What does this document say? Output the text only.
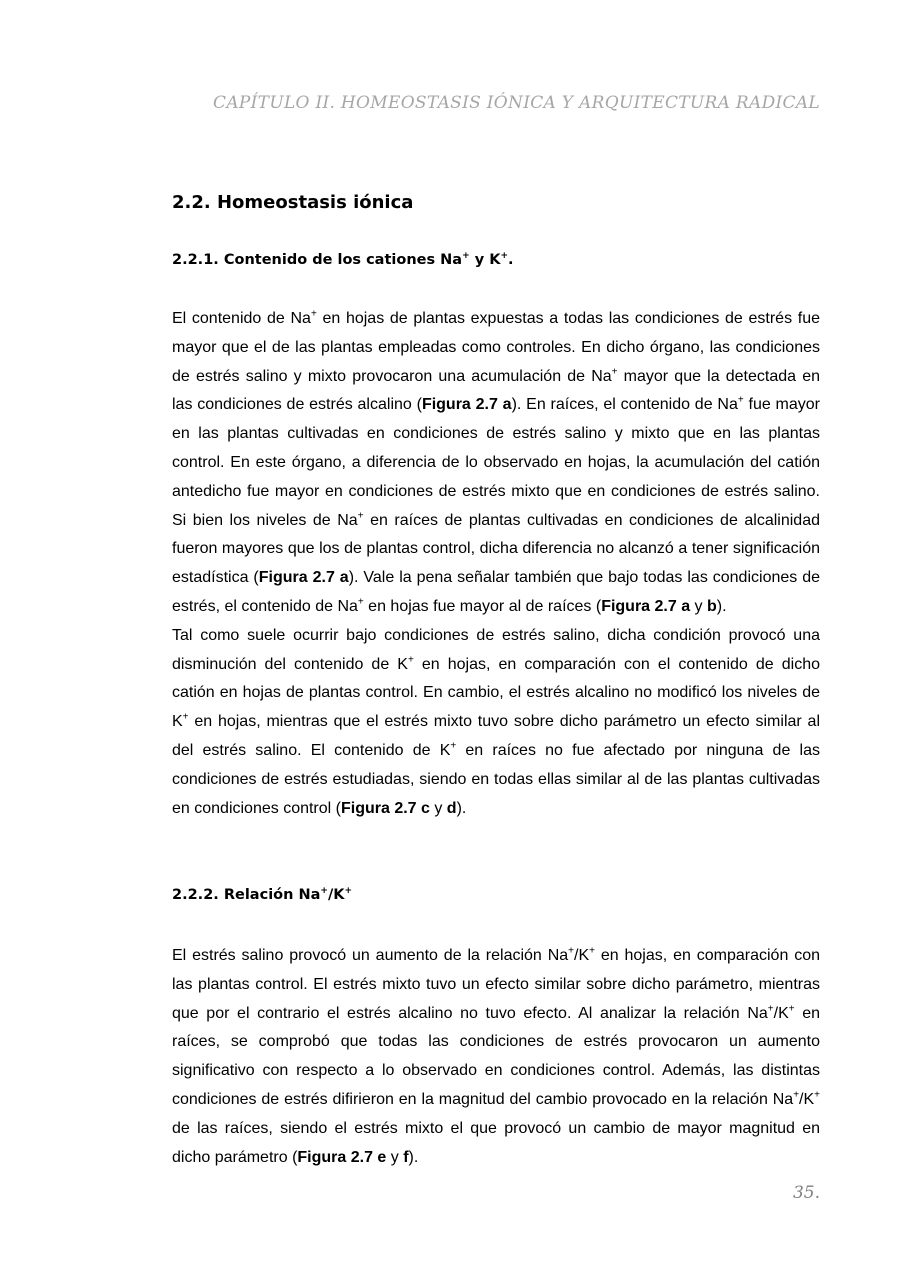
CAPÍTULO II. HOMEOSTASIS IÓNICA Y ARQUITECTURA RADICAL
2.2. Homeostasis iónica
2.2.1. Contenido de los cationes Na+ y K+.

El contenido de Na+ en hojas de plantas expuestas a todas las condiciones de estrés fue mayor que el de las plantas empleadas como controles. En dicho órgano, las condiciones de estrés salino y mixto provocaron una acumulación de Na+ mayor que la detectada en las condiciones de estrés alcalino (Figura 2.7 a). En raíces, el contenido de Na+ fue mayor en las plantas cultivadas en condiciones de estrés salino y mixto que en las plantas control. En este órgano, a diferencia de lo observado en hojas, la acumulación del catión antedicho fue mayor en condiciones de estrés mixto que en condiciones de estrés salino. Si bien los niveles de Na+ en raíces de plantas cultivadas en condiciones de alcalinidad fueron mayores que los de plantas control, dicha diferencia no alcanzó a tener significación estadística (Figura 2.7 a). Vale la pena señalar también que bajo todas las condiciones de estrés, el contenido de Na+ en hojas fue mayor al de raíces (Figura 2.7 a y b).
Tal como suele ocurrir bajo condiciones de estrés salino, dicha condición provocó una disminución del contenido de K+ en hojas, en comparación con el contenido de dicho catión en hojas de plantas control. En cambio, el estrés alcalino no modificó los niveles de K+ en hojas, mientras que el estrés mixto tuvo sobre dicho parámetro un efecto similar al del estrés salino. El contenido de K+ en raíces no fue afectado por ninguna de las condiciones de estrés estudiadas, siendo en todas ellas similar al de las plantas cultivadas en condiciones control (Figura 2.7 c y d).

2.2.2. Relación Na+/K+

El estrés salino provocó un aumento de la relación Na+/K+ en hojas, en comparación con las plantas control. El estrés mixto tuvo un efecto similar sobre dicho parámetro, mientras que por el contrario el estrés alcalino no tuvo efecto. Al analizar la relación Na+/K+ en raíces, se comprobó que todas las condiciones de estrés provocaron un aumento significativo con respecto a lo observado en condiciones control. Además, las distintas condiciones de estrés difirieron en la magnitud del cambio provocado en la relación Na+/K+ de las raíces, siendo el estrés mixto el que provocó un cambio de mayor magnitud en dicho parámetro (Figura 2.7 e y f).

35.
